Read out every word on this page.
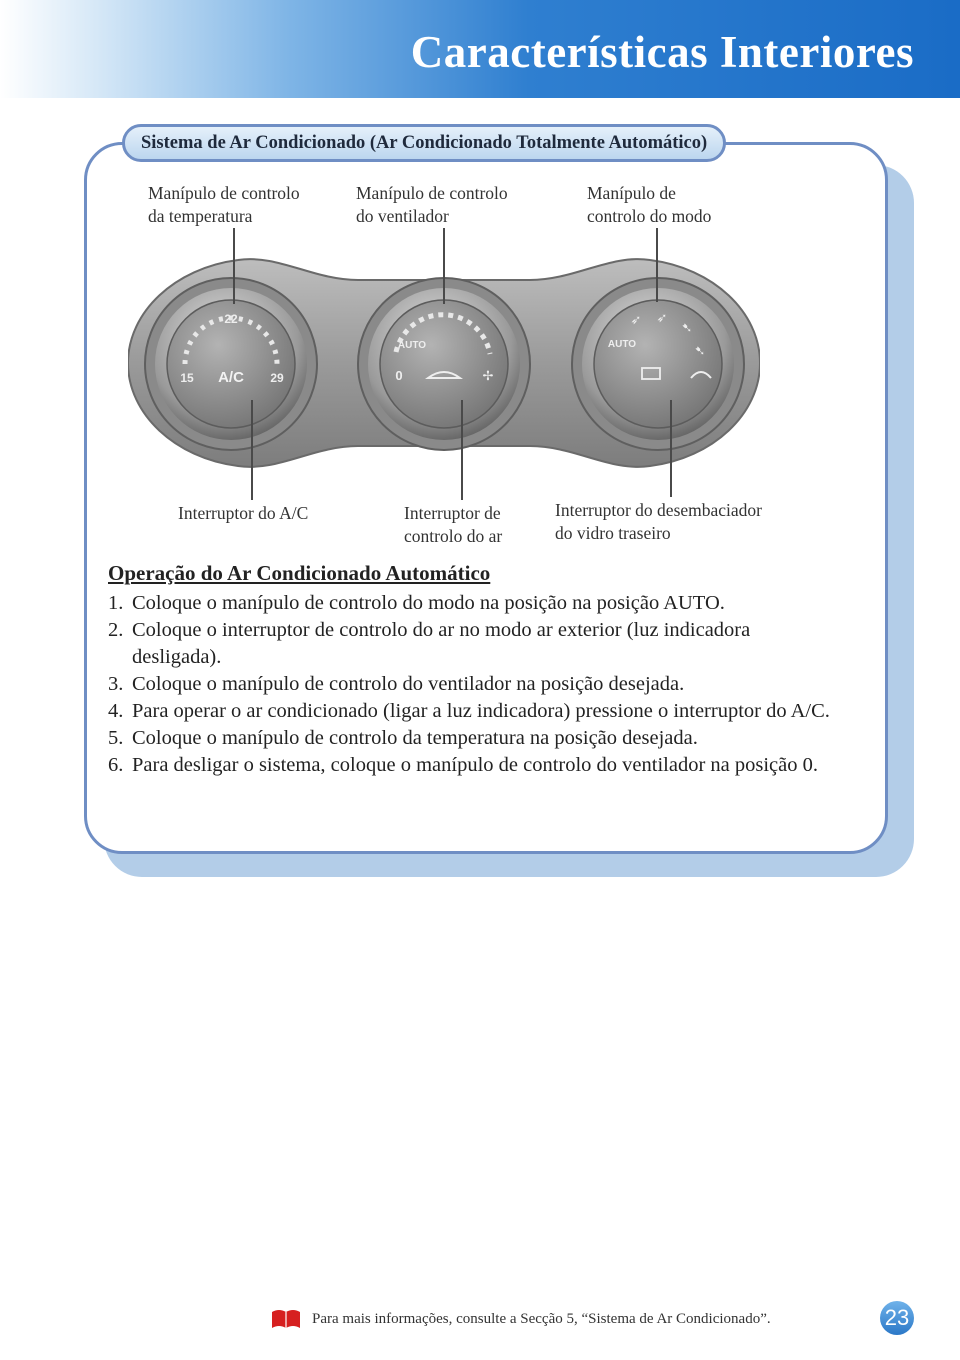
Características Interiores
Sistema de Ar Condicionado (Ar Condicionado Totalmente Automático)
Manípulo de controlo
da temperatura
Manípulo de controlo
do ventilador
Manípulo de
controlo do modo
Interruptor do A/C	Interruptor de
controlo do ar
Interruptor do desembaciador
do vidro traseiro
22
15	29
A/C
AUTO
0	✢
AUTO
➶ ➶
➷
➷
Operação do Ar Condicionado Automático
1. Coloque o manípulo de controlo do modo na posição na posição AUTO.
2. Coloque o interruptor de controlo do ar no modo ar exterior (luz indicadora desligada).
3. Coloque o manípulo de controlo do ventilador na posição desejada.
4. Para operar o ar condicionado (ligar a luz indicadora) pressione o interruptor do A/C.
5. Coloque o manípulo de controlo da temperatura na posição desejada.
6. Para desligar o sistema, coloque o manípulo de controlo do ventilador na posição 0.
Para mais informações, consulte a Secção 5, “Sistema de Ar Condicionado”.	23
